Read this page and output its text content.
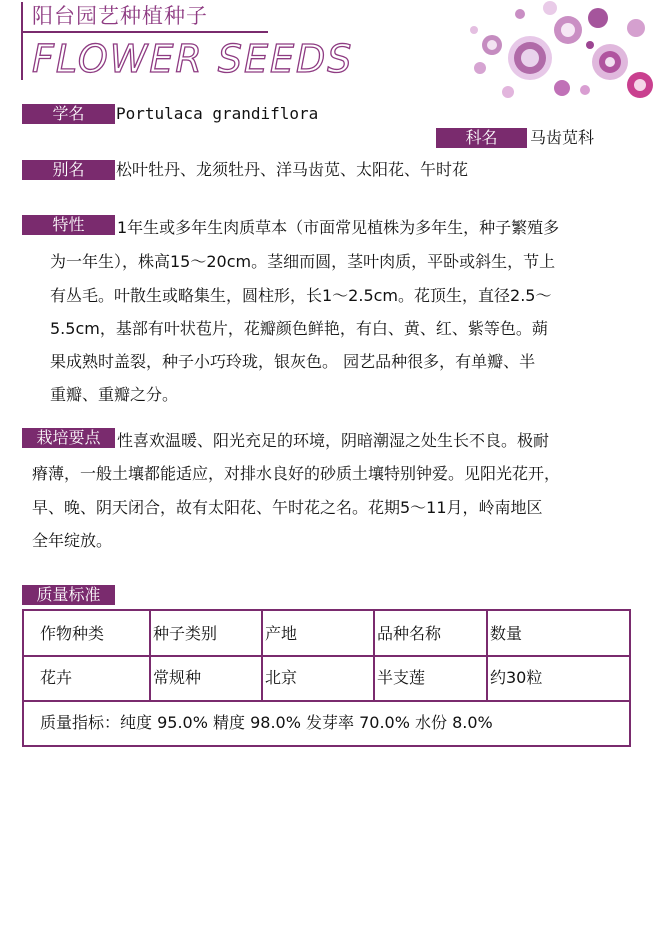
阳台园艺种植种子
FLOWER SEEDS
学名	Portulaca grandiflora
科名	马齿苋科
别名	松叶牡丹、龙须牡丹、洋马齿苋、太阳花、午时花
特性	1年生或多年生肉质草本（市面常见植株为多年生，种子繁殖多
为一年生），株高15～20cm。茎细而圆，茎叶肉质，平卧或斜生，节上
有丛毛。叶散生或略集生，圆柱形，长1～2.5cm。花顶生，直径2.5～
5.5cm，基部有叶状苞片，花瓣颜色鲜艳，有白、黄、红、紫等色。蒴
果成熟时盖裂，种子小巧玲珑，银灰色。 园艺品种很多，有单瓣、半
重瓣、重瓣之分。
栽培要点	性喜欢温暖、阳光充足的环境，阴暗潮湿之处生长不良。极耐
瘠薄，一般土壤都能适应，对排水良好的砂质土壤特别钟爱。见阳光花开，
早、晚、阴天闭合，故有太阳花、午时花之名。花期5～11月，岭南地区
全年绽放。
质量标准
作物种类	种子类别	产地	品种名称	数量
花卉	常规种	北京	半支莲	约30粒
质量指标：纯度 95.0% 精度 98.0% 发芽率 70.0% 水份 8.0%
